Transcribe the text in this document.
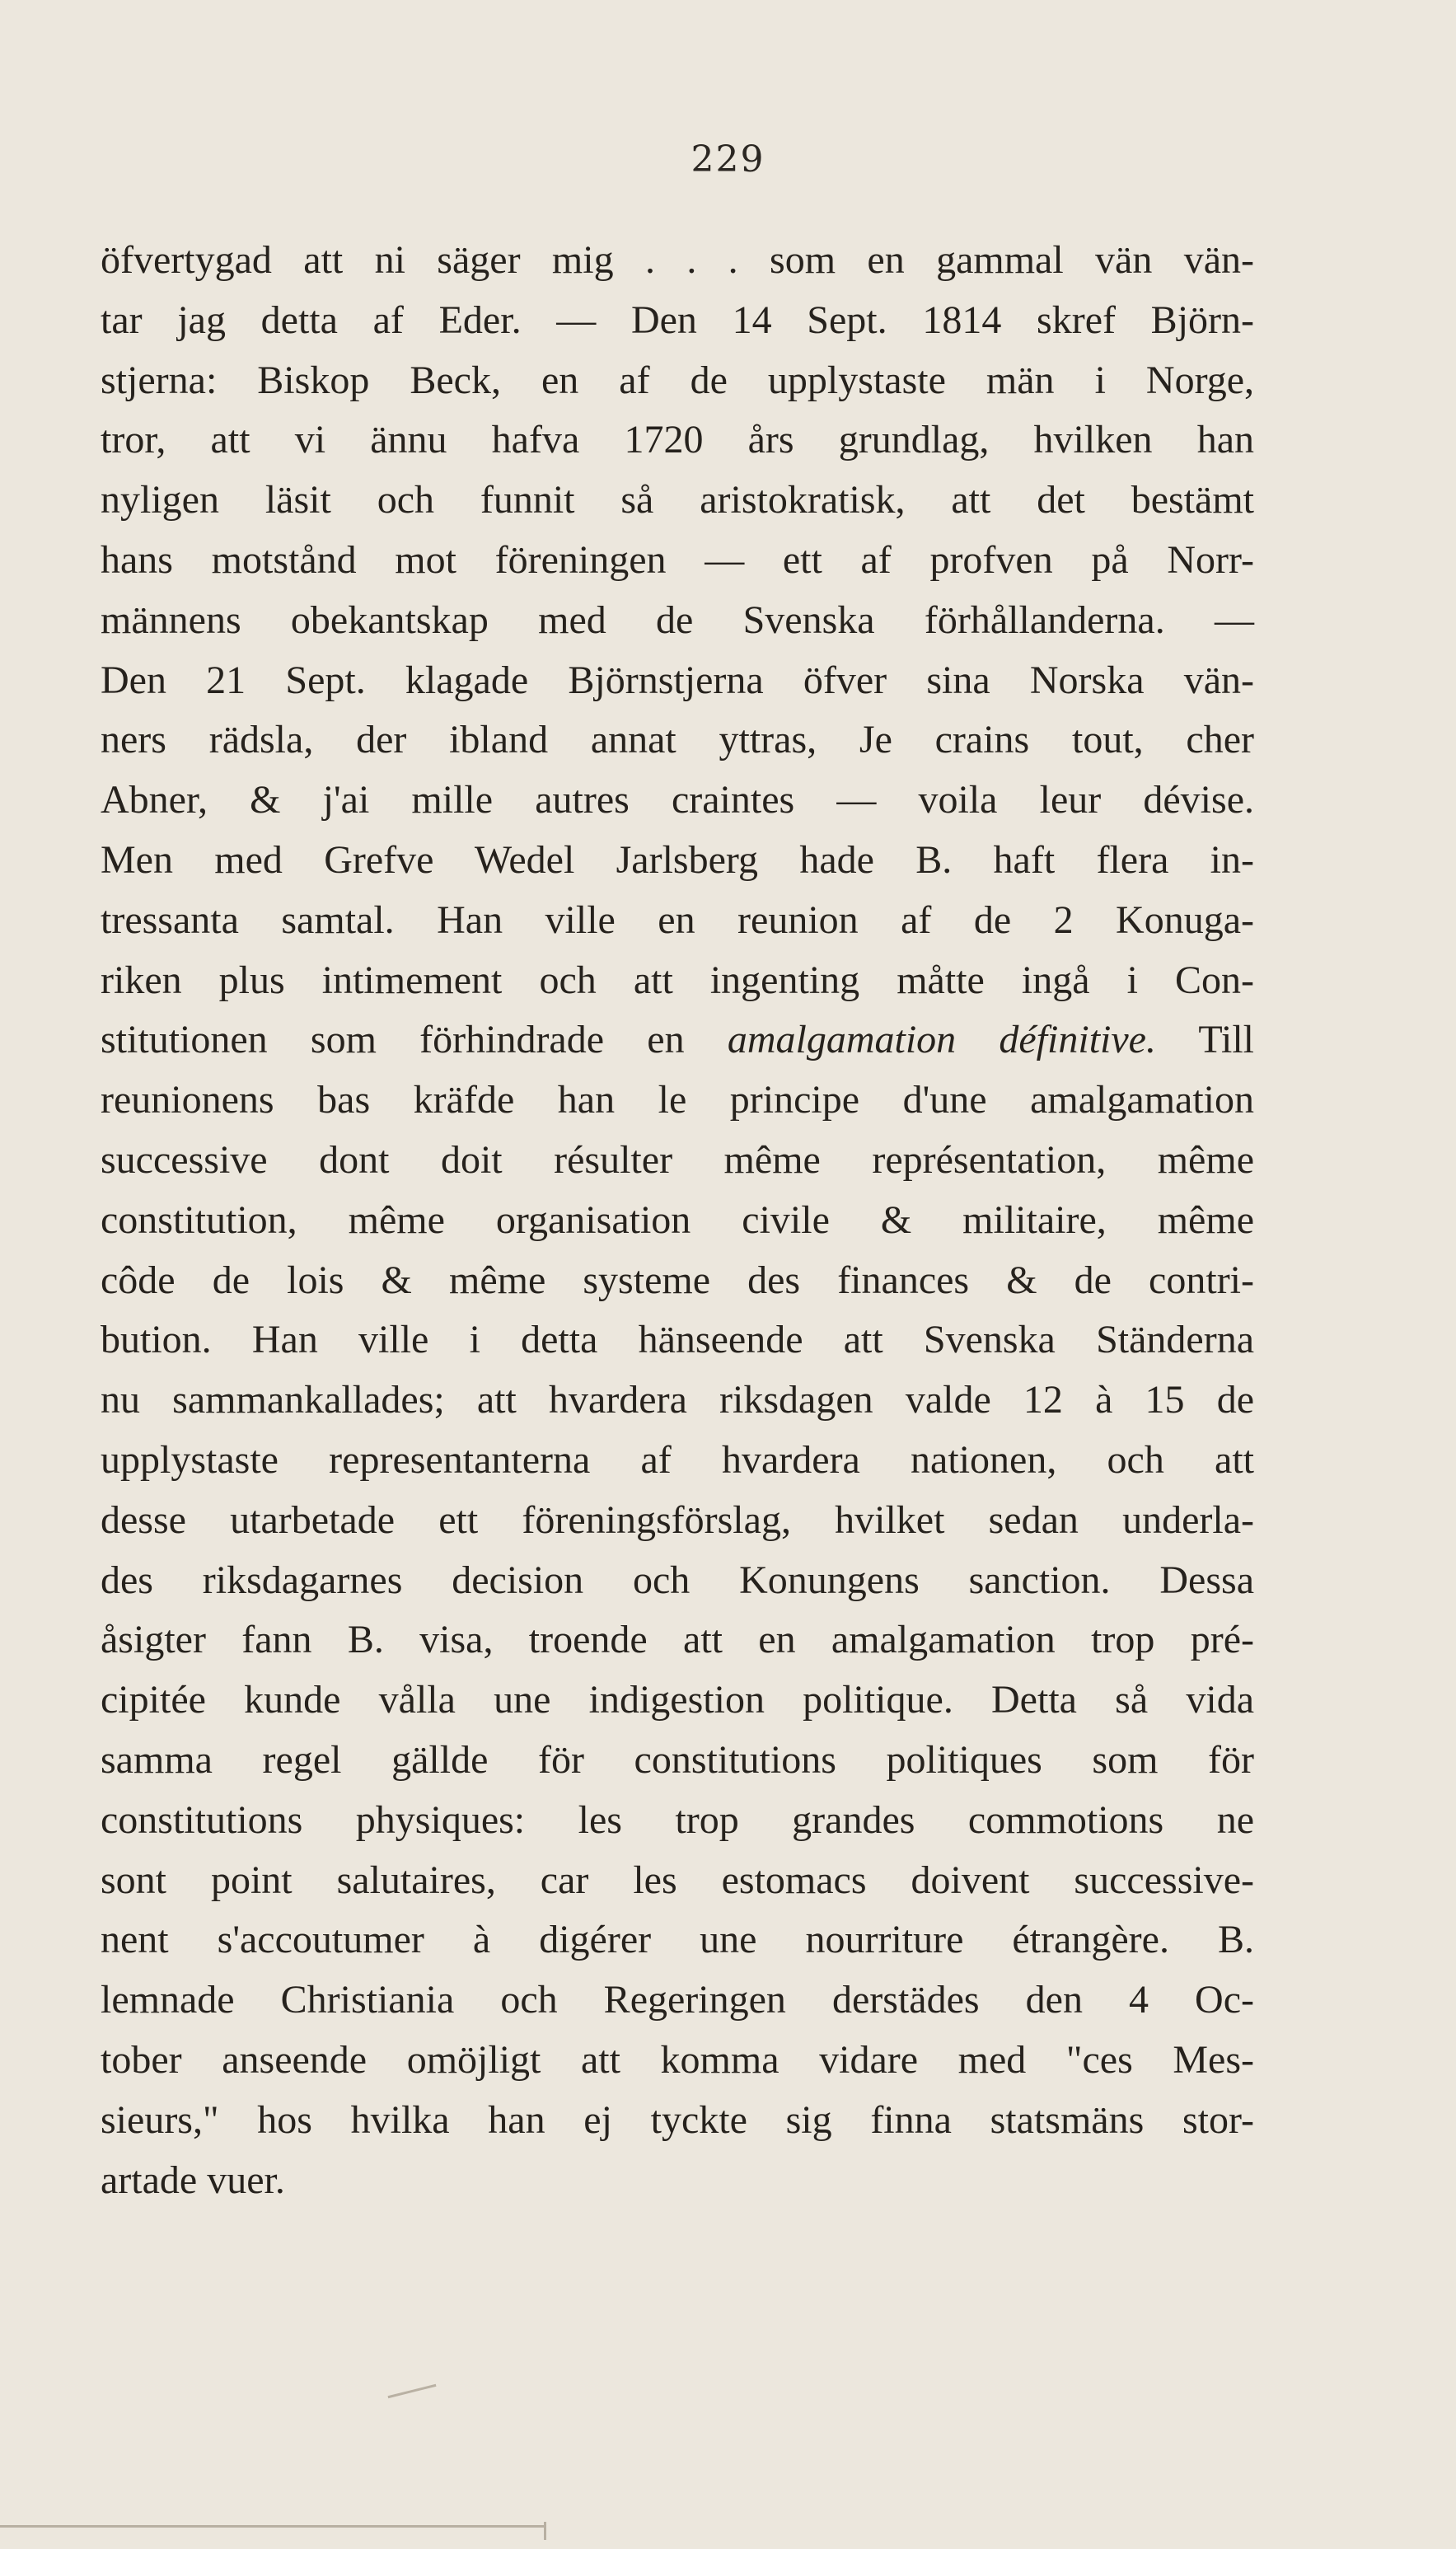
229
öfvertygad att ni säger mig . . . som en gammal vän vän-
tar jag detta af Eder. — Den 14 Sept. 1814 skref Björn-
stjerna: Biskop Beck, en af de upplystaste män i Norge,
tror, att vi ännu hafva 1720 års grundlag, hvilken han
nyligen läsit och funnit så aristokratisk, att det bestämt
hans motstånd mot föreningen — ett af profven på Norr-
männens obekantskap med de Svenska förhållanderna. —
Den 21 Sept. klagade Björnstjerna öfver sina Norska vän-
ners rädsla, der ibland annat yttras, Je crains tout, cher
Abner, & j'ai mille autres craintes — voila leur dévise.
Men med Grefve Wedel Jarlsberg hade B. haft flera in-
tressanta samtal. Han ville en reunion af de 2 Konuga-
riken plus intimement och att ingenting måtte ingå i Con-
stitutionen som förhindrade en amalgamation définitive. Till
reunionens bas kräfde han le principe d'une amalgamation
successive dont doit résulter même représentation, même
constitution, même organisation civile & militaire, même
côde de lois & même systeme des finances & de contri-
bution. Han ville i detta hänseende att Svenska Ständerna
nu sammankallades; att hvardera riksdagen valde 12 à 15 de
upplystaste representanterna af hvardera nationen, och att
desse utarbetade ett föreningsförslag, hvilket sedan underla-
des riksdagarnes decision och Konungens sanction. Dessa
åsigter fann B. visa, troende att en amalgamation trop pré-
cipitée kunde vålla une indigestion politique. Detta så vida
samma regel gällde för constitutions politiques som för
constitutions physiques: les trop grandes commotions ne
sont point salutaires, car les estomacs doivent successive-
nent s'accoutumer à digérer une nourriture étrangère. B.
lemnade Christiania och Regeringen derstädes den 4 Oc-
tober anseende omöjligt att komma vidare med "ces Mes-
sieurs," hos hvilka han ej tyckte sig finna statsmäns stor-
artade vuer.
